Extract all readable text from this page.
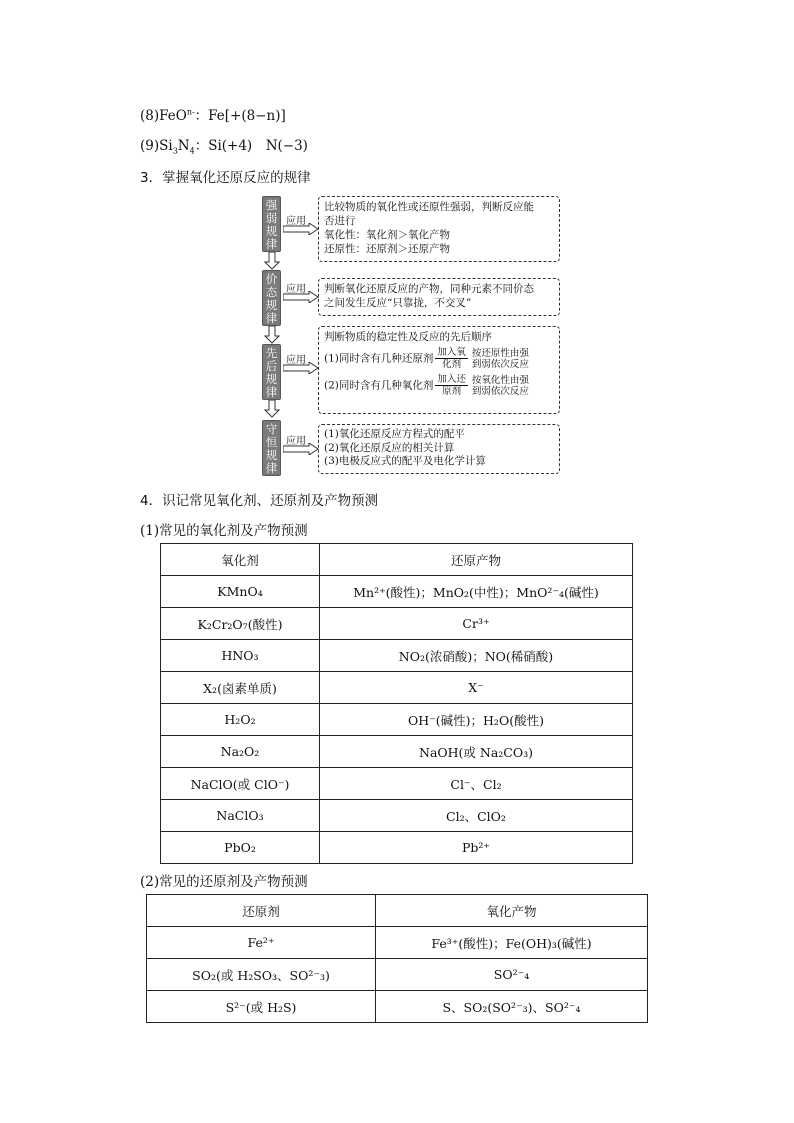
(8)FeO$^{n-}$：Fe[+(8−n)]
$(9)Si_3N_4$：Si(+4)　N(−3)
3．掌握氧化还原反应的规律
强弱规律
应用
比较物质的氧化性或还原性强弱，判断反应能
否进行
氧化性：氧化剂＞氧化产物
还原性：还原剂＞还原产物
价态规律
应用 判断氧化还原反应的产物，同种元素不同价态
之间发生反应“只靠拢，不交叉”
先后规律
应用
判断物质的稳定性及反应的先后顺序
(1)同时含有几种还原剂 $\frac{\text{加入氧}}{\text{化剂}}$ 按还原性由强
到弱依次反应
(2)同时含有几种氧化剂 $\frac{\text{加入还}}{\text{原剂}}$ 按氧化性由强
到弱依次反应
守恒规律
应用
(1)氧化还原反应方程式的配平
(2)氧化还原反应的相关计算
(3)电极反应式的配平及电化学计算
4．识记常见氧化剂、还原剂及产物预测
(1)常见的氧化剂及产物预测
氧化剂	还原产物
KMnO₄	Mn²⁺(酸性)；MnO₂(中性)；MnO²⁻₄(碱性)
K₂Cr₂O₇(酸性)	Cr³⁺
HNO₃	NO₂(浓硝酸)；NO(稀硝酸)
X₂(卤素单质)	X⁻
H₂O₂	OH⁻(碱性)；H₂O(酸性)
Na₂O₂	NaOH(或 Na₂CO₃)
NaClO(或 ClO⁻)	Cl⁻、Cl₂
NaClO₃	Cl₂、ClO₂
PbO₂	Pb²⁺
(2)常见的还原剂及产物预测
还原剂	氧化产物
Fe²⁺	Fe³⁺(酸性)；Fe(OH)₃(碱性)
SO₂(或 H₂SO₃、SO²⁻₃)	SO²⁻₄
S²⁻(或 H₂S)	S、SO₂(SO²⁻₃)、SO²⁻₄
